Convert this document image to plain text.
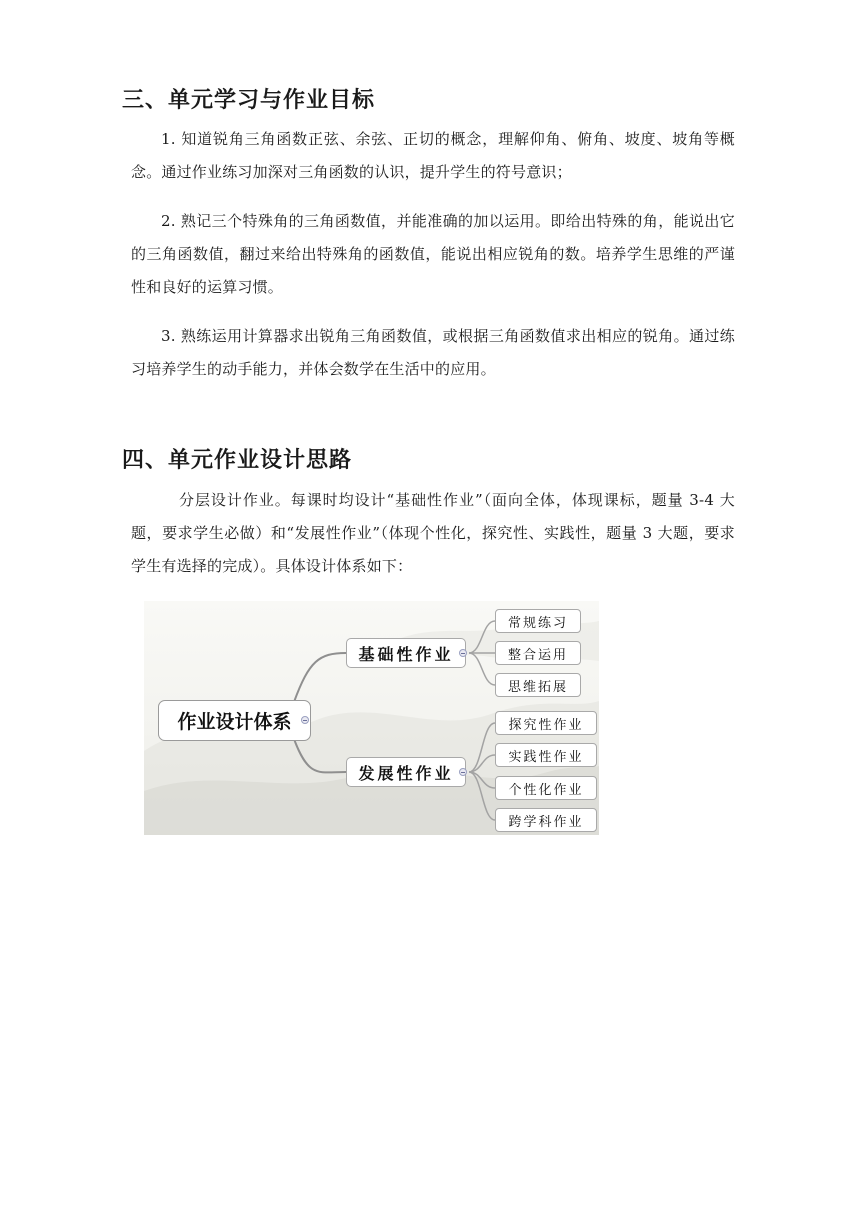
三、单元学习与作业目标

1. 知道锐角三角函数正弦、余弦、正切的概念，理解仰角、俯角、坡度、坡角等概念。通过作业练习加深对三角函数的认识，提升学生的符号意识；

2. 熟记三个特殊角的三角函数值，并能准确的加以运用。即给出特殊的角，能说出它的三角函数值，翻过来给出特殊角的函数值，能说出相应锐角的数。培养学生思维的严谨性和良好的运算习惯。

3. 熟练运用计算器求出锐角三角函数值，或根据三角函数值求出相应的锐角。通过练习培养学生的动手能力，并体会数学在生活中的应用。

四、单元作业设计思路

分层设计作业。每课时均设计“基础性作业”（面向全体，体现课标，题量 3-4 大题，要求学生必做）和“发展性作业”（体现个性化，探究性、实践性，题量 3 大题，要求学生有选择的完成）。具体设计体系如下：

作业设计体系
基础性作业
发展性作业
常规练习
整合运用
思维拓展
探究性作业
实践性作业
个性化作业
跨学科作业
